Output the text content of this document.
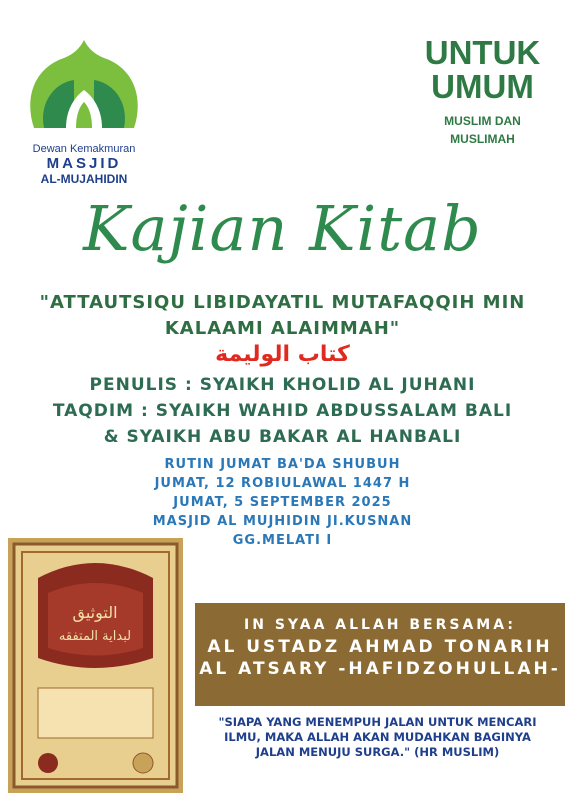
Dewan Kemakmuran
MASJID
AL-MUJAHIDIN
UNTUK
UMUM
MUSLIM DAN
MUSLIMAH
Kajian Kitab
"ATTAUTSIQU LIBIDAYATIL MUTAFAQQIH MIN
KALAAMI ALAIMMAH"
كتاب الوليمة
PENULIS : SYAIKH KHOLID AL JUHANI
TAQDIM : SYAIKH WAHID ABDUSSALAM BALI
& SYAIKH ABU BAKAR AL HANBALI
RUTIN JUMAT BA'DA SHUBUH
JUMAT, 12 ROBIULAWAL 1447 H
JUMAT, 5 SEPTEMBER 2025
MASJID AL MUJHIDIN JI.KUSNAN
GG.MELATI I
التوثيق
لبداية المتفقه
IN SYAA ALLAH BERSAMA:
AL USTADZ AHMAD TONARIH
AL ATSARY -HAFIDZOHULLAH-
"SIAPA YANG MENEMPUH JALAN UNTUK MENCARI
ILMU, MAKA ALLAH AKAN MUDAHKAN BAGINYA
JALAN MENUJU SURGA." (HR MUSLIM)
